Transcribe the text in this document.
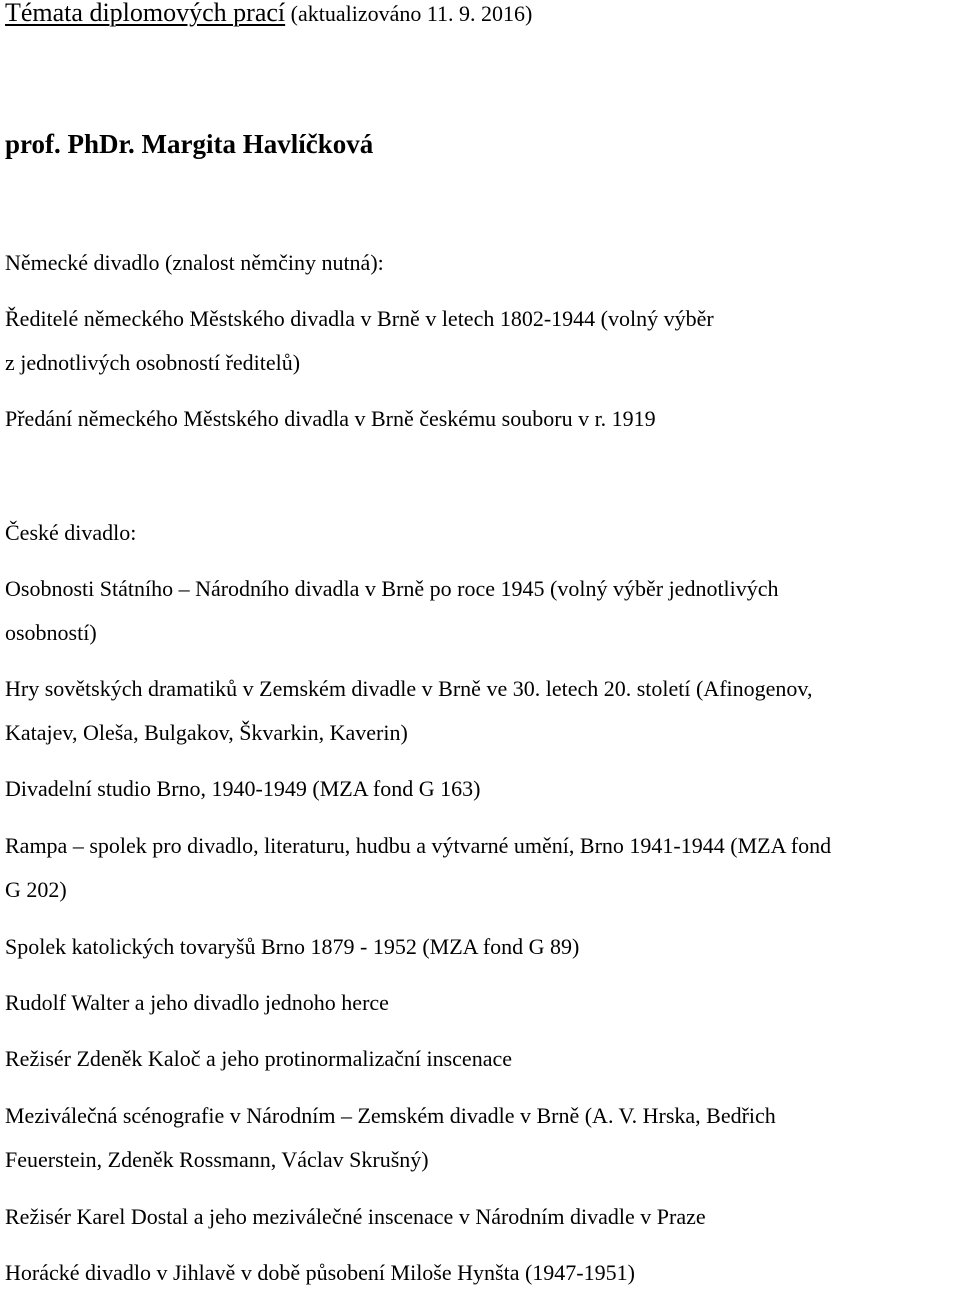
Témata diplomových prací (aktualizováno 11. 9. 2016)
prof. PhDr. Margita Havlíčková
Německé divadlo (znalost němčiny nutná):
Ředitelé německého Městského divadla v Brně v letech 1802-1944 (volný výběr
z jednotlivých osobností ředitelů)
Předání německého Městského divadla v Brně českému souboru v r. 1919
České divadlo:
Osobnosti Státního – Národního divadla v Brně po roce 1945 (volný výběr jednotlivých
osobností)
Hry sovětských dramatiků v Zemském divadle v Brně ve 30. letech 20. století (Afinogenov,
Katajev, Oleša, Bulgakov, Škvarkin, Kaverin)
Divadelní studio Brno, 1940-1949 (MZA fond G 163)
Rampa – spolek pro divadlo, literaturu, hudbu a výtvarné umění, Brno 1941-1944 (MZA fond
G 202)
Spolek katolických tovaryšů Brno 1879 - 1952 (MZA fond G 89)
Rudolf Walter a jeho divadlo jednoho herce
Režisér Zdeněk Kaloč a jeho protinormalizační inscenace
Meziválečná scénografie v Národním – Zemském divadle v Brně (A. V. Hrska, Bedřich
Feuerstein, Zdeněk Rossmann, Václav Skrušný)
Režisér Karel Dostal a jeho meziválečné inscenace v Národním divadle v Praze
Horácké divadlo v Jihlavě v době působení Miloše Hynšta (1947-1951)
